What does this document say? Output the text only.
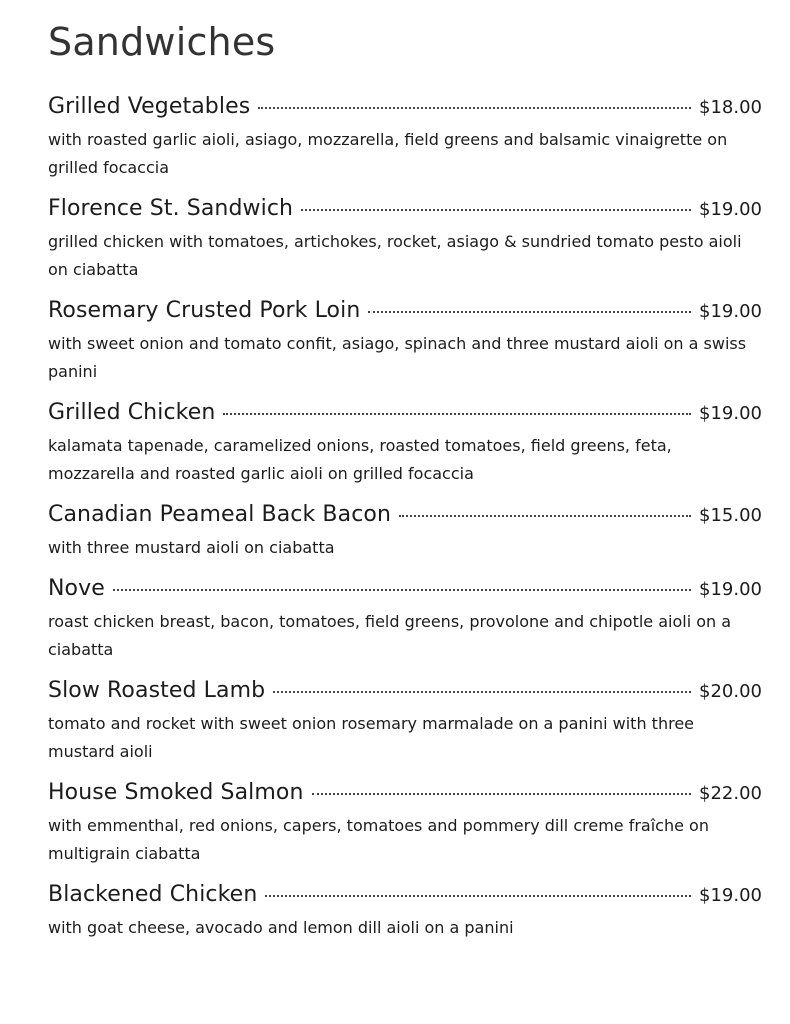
Sandwiches
Grilled Vegetables	$18.00

with roasted garlic aioli, asiago, mozzarella, field greens and balsamic vinaigrette on grilled focaccia

Florence St. Sandwich	$19.00

grilled chicken with tomatoes, artichokes, rocket, asiago & sundried tomato pesto aioli on ciabatta

Rosemary Crusted Pork Loin	$19.00

with sweet onion and tomato confit, asiago, spinach and three mustard aioli on a swiss panini

Grilled Chicken	$19.00

kalamata tapenade, caramelized onions, roasted tomatoes, field greens, feta, mozzarella and roasted garlic aioli on grilled focaccia

Canadian Peameal Back Bacon	$15.00

with three mustard aioli on ciabatta

Nove	$19.00

roast chicken breast, bacon, tomatoes, field greens, provolone and chipotle aioli on a ciabatta

Slow Roasted Lamb	$20.00

tomato and rocket with sweet onion rosemary marmalade on a panini with three mustard aioli

House Smoked Salmon	$22.00

with emmenthal, red onions, capers, tomatoes and pommery dill creme fraîche on multigrain ciabatta

Blackened Chicken	$19.00

with goat cheese, avocado and lemon dill aioli on a panini
